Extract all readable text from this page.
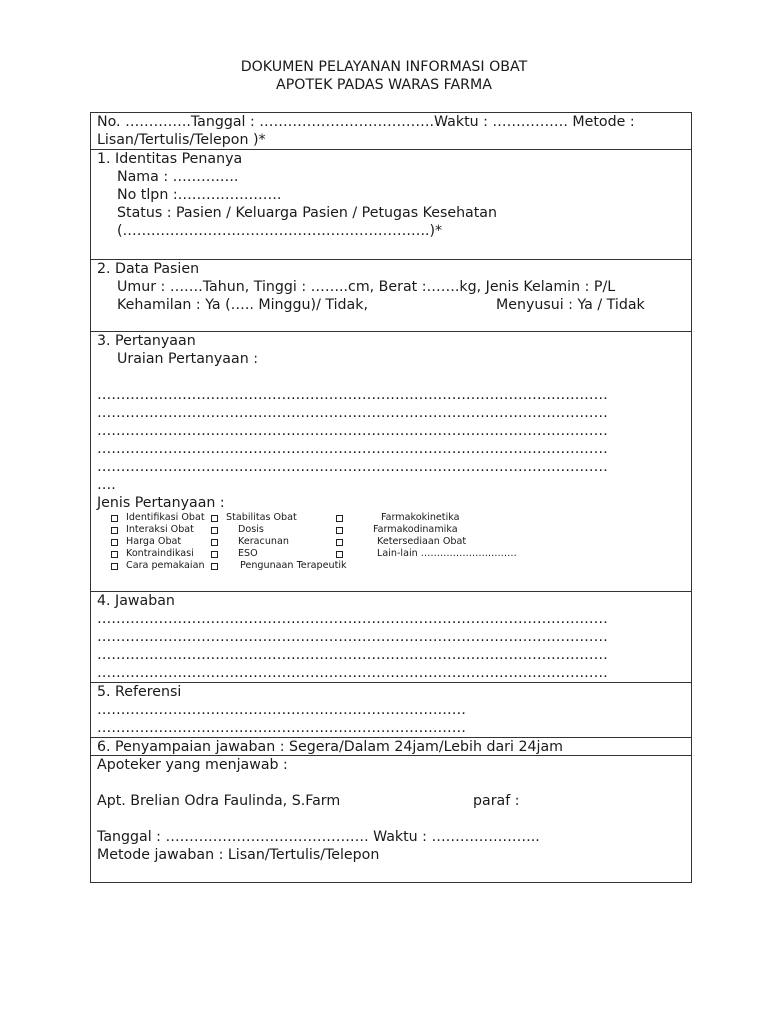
DOKUMEN PELAYANAN INFORMASI OBAT
APOTEK PADAS WARAS FARMA
No. …………..Tanggal : ……………………………….Waktu : ……………. Metode :
Lisan/Tertulis/Telepon )*
1. Identitas Penanya
Nama : …………..
No tlpn :………………….
Status : Pasien / Keluarga Pasien / Petugas Kesehatan
(………………………………………………………..)*
2. Data Pasien
Umur : …….Tahun, Tinggi : ……..cm, Berat :…….kg, Jenis Kelamin : P/L
Kehamilan : Ya (….. Minggu)/ Tidak,	Menyusui : Ya / Tidak
3. Pertanyaan
Uraian Pertanyaan :
………………………………………………………………………………………………
………………………………………………………………………………………………
………………………………………………………………………………………………
………………………………………………………………………………………………
………………………………………………………………………………………………
….
Jenis Pertanyaan :
Identifikasi Obat Stabilitas Obat	Farmakokinetika
Interaksi Obat	Dosis	Farmakodinamika
Harga Obat	Keracunan	Ketersediaan Obat
Kontraindikasi	ESO	Lain-lain …………………………
Cara pemakaian	Pengunaan Terapeutik
4. Jawaban
………………………………………………………………………………………………
………………………………………………………………………………………………
………………………………………………………………………………………………
………………………………………………………………………………………………
5. Referensi
……………………………………………………………………
……………………………………………………………………
6. Penyampaian jawaban : Segera/Dalam 24jam/Lebih dari 24jam
Apoteker yang menjawab :
Apt. Brelian Odra Faulinda, S.Farm	paraf :
Tanggal : ……………………………………. Waktu : …………………..
Metode jawaban : Lisan/Tertulis/Telepon
